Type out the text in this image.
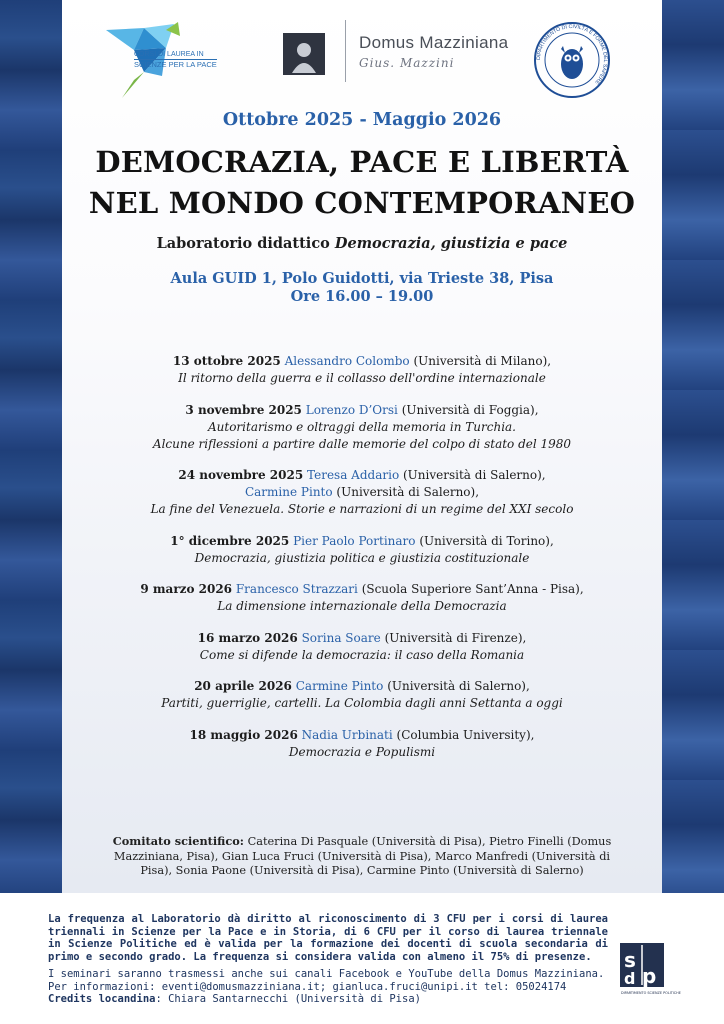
CORSI DI LAUREA IN
SCIENZE PER LA PACE
Domus Mazziniana
Gius. Mazzini	DIPARTIMENTO DI CIVILTÀ E FORME DEL SAPERE
Ottobre 2025 - Maggio 2026
DEMOCRAZIA, PACE E LIBERTÀ
NEL MONDO CONTEMPORANEO
Laboratorio didattico Democrazia, giustizia e pace
Aula GUID 1, Polo Guidotti, via Trieste 38, Pisa
Ore 16.00 – 19.00
13 ottobre 2025 Alessandro Colombo (Università di Milano),
Il ritorno della guerra e il collasso dell'ordine internazionale
3 novembre 2025 Lorenzo D’Orsi (Università di Foggia),
Autoritarismo e oltraggi della memoria in Turchia.
Alcune riflessioni a partire dalle memorie del colpo di stato del 1980
24 novembre 2025 Teresa Addario (Università di Salerno),
Carmine Pinto (Università di Salerno),
La fine del Venezuela. Storie e narrazioni di un regime del XXI secolo
1° dicembre 2025 Pier Paolo Portinaro (Università di Torino),
Democrazia, giustizia politica e giustizia costituzionale
9 marzo 2026 Francesco Strazzari (Scuola Superiore Sant’Anna - Pisa),
La dimensione internazionale della Democrazia
16 marzo 2026 Sorina Soare (Università di Firenze),
Come si difende la democrazia: il caso della Romania
20 aprile 2026 Carmine Pinto (Università di Salerno),
Partiti, guerriglie, cartelli. La Colombia dagli anni Settanta a oggi
18 maggio 2026 Nadia Urbinati (Columbia University),
Democrazia e Populismi
Comitato scientifico: Caterina Di Pasquale (Università di Pisa), Pietro Finelli (Domus Mazziniana, Pisa), Gian Luca Fruci (Università di Pisa), Marco Manfredi (Università di Pisa), Sonia Paone (Università di Pisa), Carmine Pinto (Università di Salerno)
La frequenza al Laboratorio dà diritto al riconoscimento di 3 CFU per i corsi di laurea triennali in Scienze per la Pace e in Storia, di 6 CFU per il corso di laurea triennale in Scienze Politiche ed è valida per la formazione dei docenti di scuola secondaria di primo e secondo grado. La frequenza si considera valida con almeno il 75% di presenze.
I seminari saranno trasmessi anche sui canali Facebook e YouTube della Domus Mazziniana.
Per informazioni: eventi@domusmazziniana.it; gianluca.fruci@unipi.it tel: 05024174
Credits locandina: Chiara Santarnecchi (Università di Pisa)
s
p
d
DIPARTIMENTO SCIENZE POLITICHE
